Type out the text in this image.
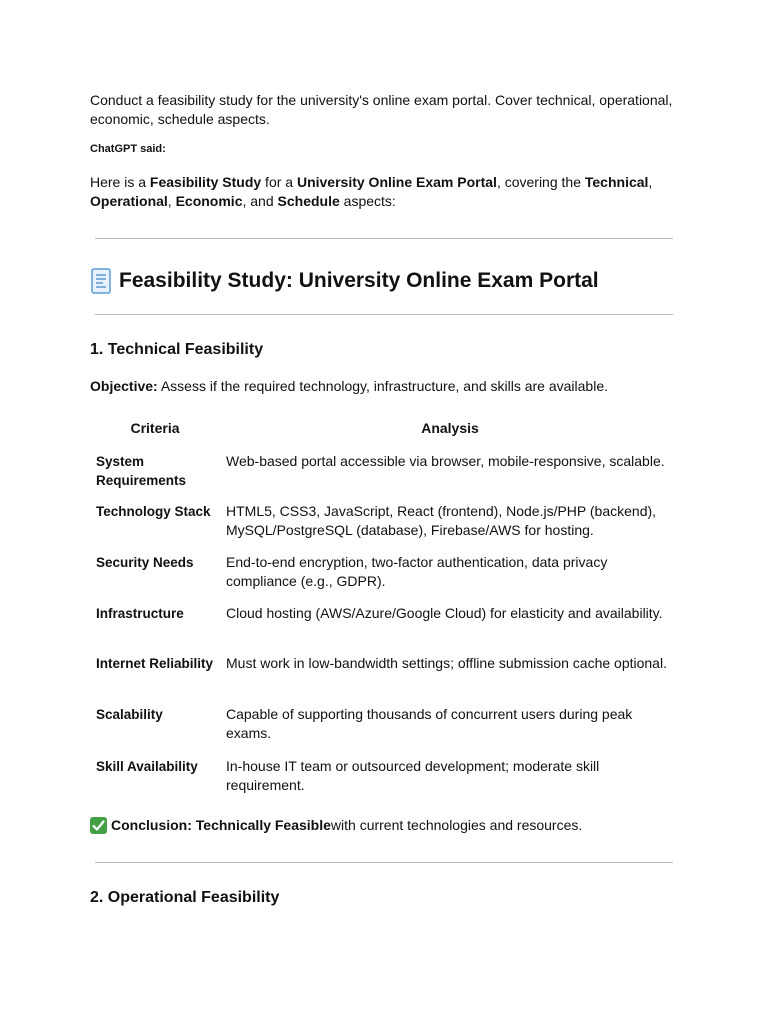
Conduct a feasibility study for the university's online exam portal. Cover technical, operational, economic, schedule aspects.

ChatGPT said:

Here is a Feasibility Study for a University Online Exam Portal, covering the Technical, Operational, Economic, and Schedule aspects:

Feasibility Study: University Online Exam Portal
1. Technical Feasibility

Objective: Assess if the required technology, infrastructure, and skills are available.

Criteria	Analysis
System Requirements	Web-based portal accessible via browser, mobile-responsive, scalable.
Technology Stack	HTML5, CSS3, JavaScript, React (frontend), Node.js/PHP (backend), MySQL/PostgreSQL (database), Firebase/AWS for hosting.
Security Needs	End-to-end encryption, two-factor authentication, data privacy compliance (e.g., GDPR).
Infrastructure	Cloud hosting (AWS/Azure/Google Cloud) for elasticity and availability.
Internet Reliability	Must work in low-bandwidth settings; offline submission cache optional.
Scalability	Capable of supporting thousands of concurrent users during peak exams.
Skill Availability	In-house IT team or outsourced development; moderate skill requirement.

Conclusion: Technically Feasible with current technologies and resources.

2. Operational Feasibility
